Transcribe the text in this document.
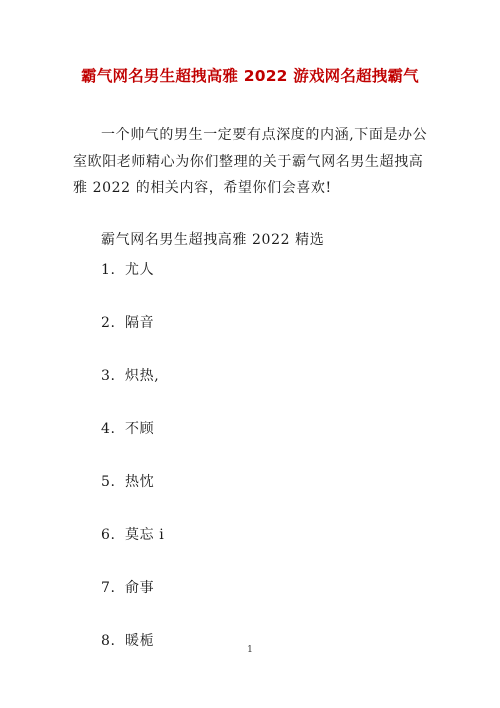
霸气网名男生超拽高雅 2022 游戏网名超拽霸气

一个帅气的男生一定要有点深度的内涵,下面是办公室欧阳老师精心为你们整理的关于霸气网名男生超拽高雅 2022 的相关内容，希望你们会喜欢!

霸气网名男生超拽高雅 2022 精选
1. 尤人
2. 隔音
3. 炽热,
4. 不顾
5. 热忱
6. 莫忘 i
7. 俞事
8. 暖栀
1
